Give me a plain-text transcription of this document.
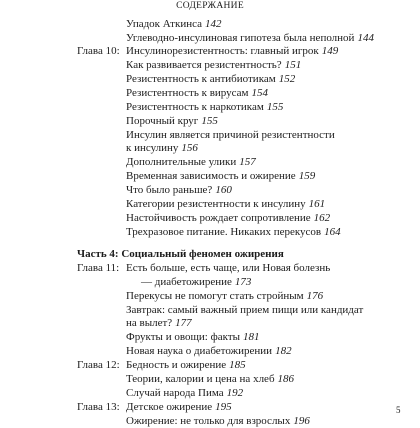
СОДЕРЖАНИЕ
Упадок Аткинса 142
Углеводно-инсулиновая гипотеза была неполной 144
Глава 10: Инсулинорезистентность: главный игрок 149
Как развивается резистентность? 151
Резистентность к антибиотикам 152
Резистентность к вирусам 154
Резистентность к наркотикам 155
Порочный круг 155
Инсулин является причиной резистентности
к инсулину 156
Дополнительные улики 157
Временная зависимость и ожирение 159
Что было раньше? 160
Категории резистентности к инсулину 161
Настойчивость рождает сопротивление 162
Трехразовое питание. Никаких перекусов 164
Часть 4: Социальный феномен ожирения
Глава 11: Есть больше, есть чаще, или Новая болезнь
— диабетожирение 173
Перекусы не помогут стать стройным 176
Завтрак: самый важный прием пищи или кандидат
на вылет? 177
Фрукты и овощи: факты 181
Новая наука о диабетожирении 182
Глава 12: Бедность и ожирение 185
Теории, калории и цена на хлеб 186
Случай народа Пима 192
Глава 13: Детское ожирение 195
Ожирение: не только для взрослых 196
5
